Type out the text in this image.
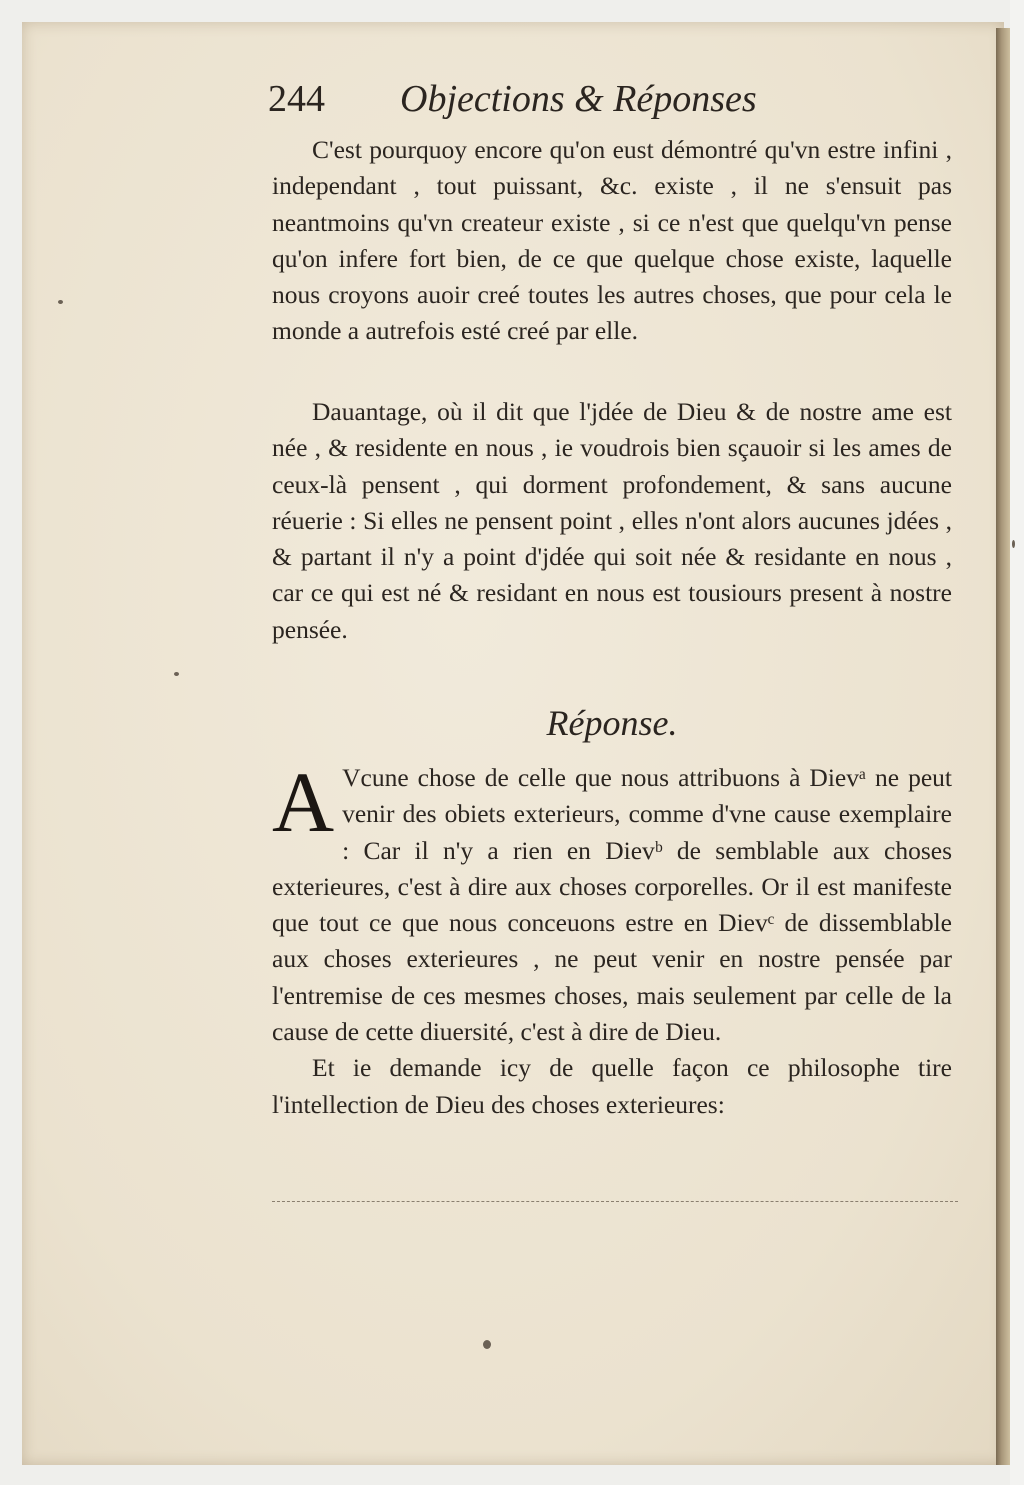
244 Objections & Réponses

C'est pourquoy encore qu'on eust démontré qu'vn estre infini , independant , tout puissant, &c. existe , il ne s'ensuit pas neantmoins qu'vn createur existe , si ce n'est que quelqu'vn pense qu'on infere fort bien, de ce que quelque chose existe, laquelle nous croyons auoir creé toutes les autres choses, que pour cela le monde a autrefois esté creé par elle.

Dauantage, où il dit que l'jdée de Dieu & de nostre ame est née , & residente en nous , ie voudrois bien sçauoir si les ames de ceux-là pensent , qui dorment profondement, & sans aucune réuerie : Si elles ne pensent point , elles n'ont alors aucunes jdées , & partant il n'y a point d'jdée qui soit née & residante en nous , car ce qui est né & residant en nous est tousiours present à nostre pensée.

Réponse.

A Vcune chose de celle que nous attribuons à Dievᵃ ne peut venir des obiets exterieurs, comme d'vne cause exemplaire : Car il n'y a rien en Dievᵇ de semblable aux choses exterieures, c'est à dire aux choses corporelles. Or il est manifeste que tout ce que nous conceuons estre en Dievᶜ de dissemblable aux choses exterieures , ne peut venir en nostre pensée par l'entremise de ces mesmes choses, mais seulement par celle de la cause de cette diuersité, c'est à dire de Dieu.

Et ie demande icy de quelle façon ce philosophe tire l'intellection de Dieu des choses exterieures:
